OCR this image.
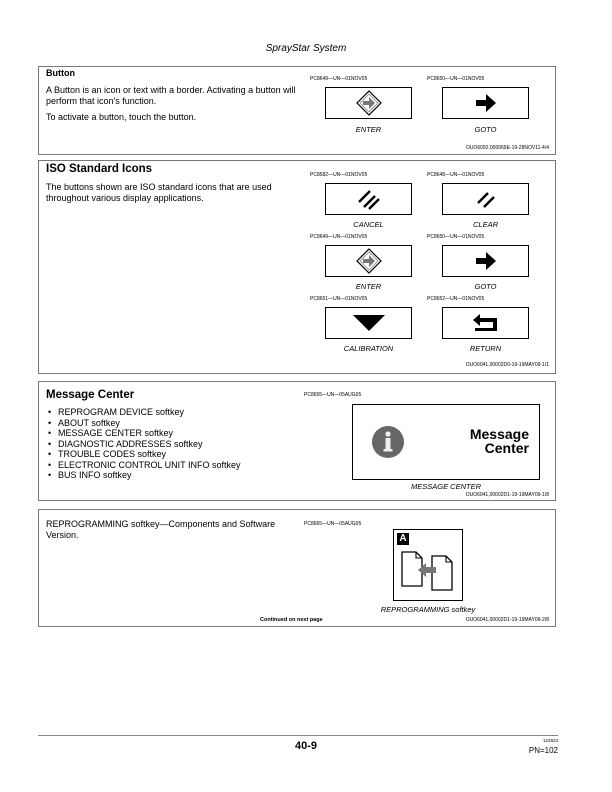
SprayStar System
Button
A Button is an icon or text with a border. Activating a button will perform that icon's function.
To activate a button, touch the button.
PC8649—UN—01NOV05
ENTER
PC8650—UN—01NOV05
GOTO
OUO6092,000069E-19-28NOV11-4/4
ISO Standard Icons
The buttons shown are ISO standard icons that are used throughout various display applications.
PC8582—UN—01NOV05
CANCEL
PC8648—UN—01NOV05
CLEAR
PC8649—UN—01NOV05
ENTER
PC8650—UN—01NOV05
GOTO
PC8651—UN—01NOV05
CALIBRATION
PC8652—UN—01NOV05
RETURN
OUO6041,00002D0-19-19MAY09-1/1
Message Center
• REPROGRAM DEVICE softkey
• ABOUT softkey
• MESSAGE CENTER softkey
• DIAGNOSTIC ADDRESSES softkey
• TROUBLE CODES softkey
• ELECTRONIC CONTROL UNIT INFO softkey
• BUS INFO softkey
PC8655—UN—05AUG05
Message
Center
MESSAGE CENTER
OUO6041,00002D1-19-19MAY09-1/8
REPROGRAMMING softkey—Components and Software Version.
PC8665—UN—05AUG05
A
REPROGRAMMING softkey
Continued on next page	OUO6041,00002D1-19-19MAY09-2/8
40-9	122823
PN=102
